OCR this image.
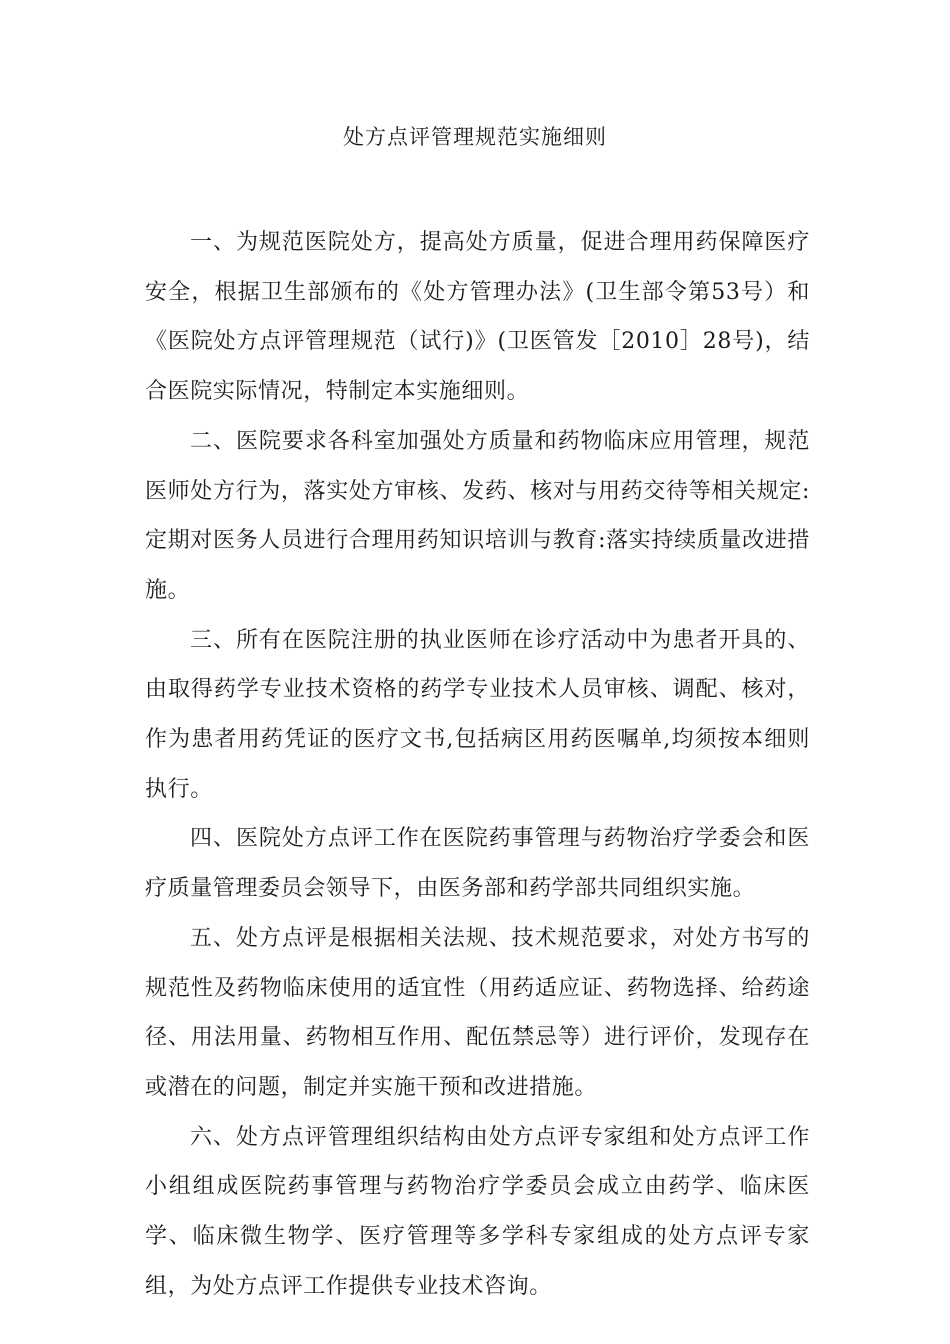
处方点评管理规范实施细则

一、为规范医院处方，提高处方质量，促进合理用药保障医疗安全，根据卫生部颁布的《处方管理办法》(卫生部令第53号）和《医院处方点评管理规范（试行)》(卫医管发［2010］28号)，结合医院实际情况，特制定本实施细则。

二、医院要求各科室加强处方质量和药物临床应用管理，规范医师处方行为，落实处方审核、发药、核对与用药交待等相关规定:定期对医务人员进行合理用药知识培训与教育:落实持续质量改进措施。

三、所有在医院注册的执业医师在诊疗活动中为患者开具的、由取得药学专业技术资格的药学专业技术人员审核、调配、核对，作为患者用药凭证的医疗文书,包括病区用药医嘱单,均须按本细则执行。

四、医院处方点评工作在医院药事管理与药物治疗学委会和医疗质量管理委员会领导下，由医务部和药学部共同组织实施。

五、处方点评是根据相关法规、技术规范要求，对处方书写的规范性及药物临床使用的适宜性（用药适应证、药物选择、给药途径、用法用量、药物相互作用、配伍禁忌等）进行评价，发现存在或潜在的问题，制定并实施干预和改进措施。

六、处方点评管理组织结构由处方点评专家组和处方点评工作小组组成医院药事管理与药物治疗学委员会成立由药学、临床医学、临床微生物学、医疗管理等多学科专家组成的处方点评专家组，为处方点评工作提供专业技术咨询。
